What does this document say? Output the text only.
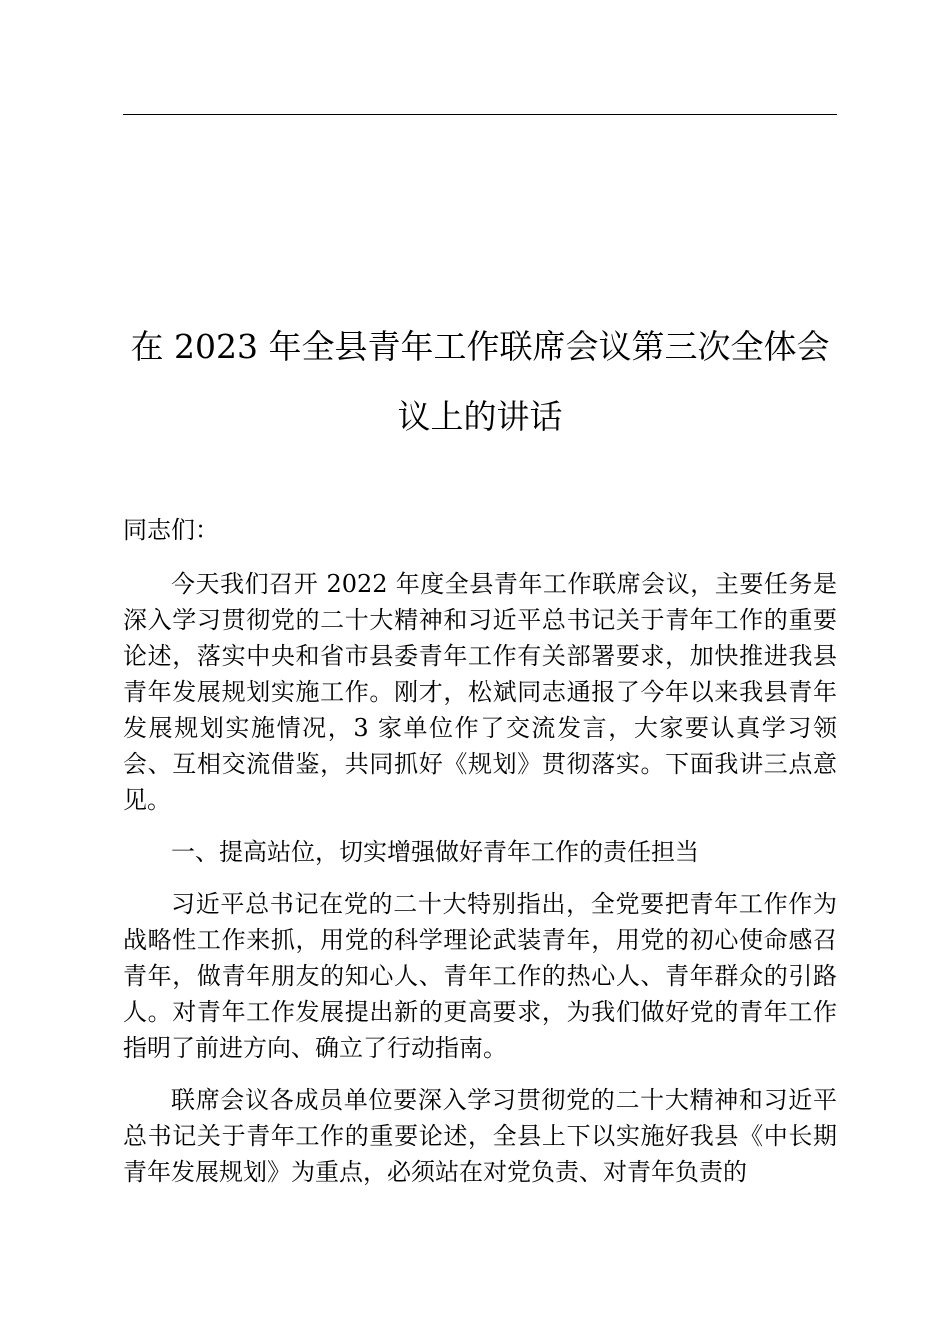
在 2023 年全县青年工作联席会议第三次全体会议上的讲话

同志们：

今天我们召开 2022 年度全县青年工作联席会议，主要任务是深入学习贯彻党的二十大精神和习近平总书记关于青年工作的重要论述，落实中央和省市县委青年工作有关部署要求，加快推进我县青年发展规划实施工作。刚才，松斌同志通报了今年以来我县青年发展规划实施情况，3 家单位作了交流发言，大家要认真学习领会、互相交流借鉴，共同抓好《规划》贯彻落实。下面我讲三点意见。

一、提高站位，切实增强做好青年工作的责任担当

习近平总书记在党的二十大特别指出，全党要把青年工作作为战略性工作来抓，用党的科学理论武装青年，用党的初心使命感召青年，做青年朋友的知心人、青年工作的热心人、青年群众的引路人。对青年工作发展提出新的更高要求，为我们做好党的青年工作指明了前进方向、确立了行动指南。

联席会议各成员单位要深入学习贯彻党的二十大精神和习近平总书记关于青年工作的重要论述，全县上下以实施好我县《中长期青年发展规划》为重点，必须站在对党负责、对青年负责的
